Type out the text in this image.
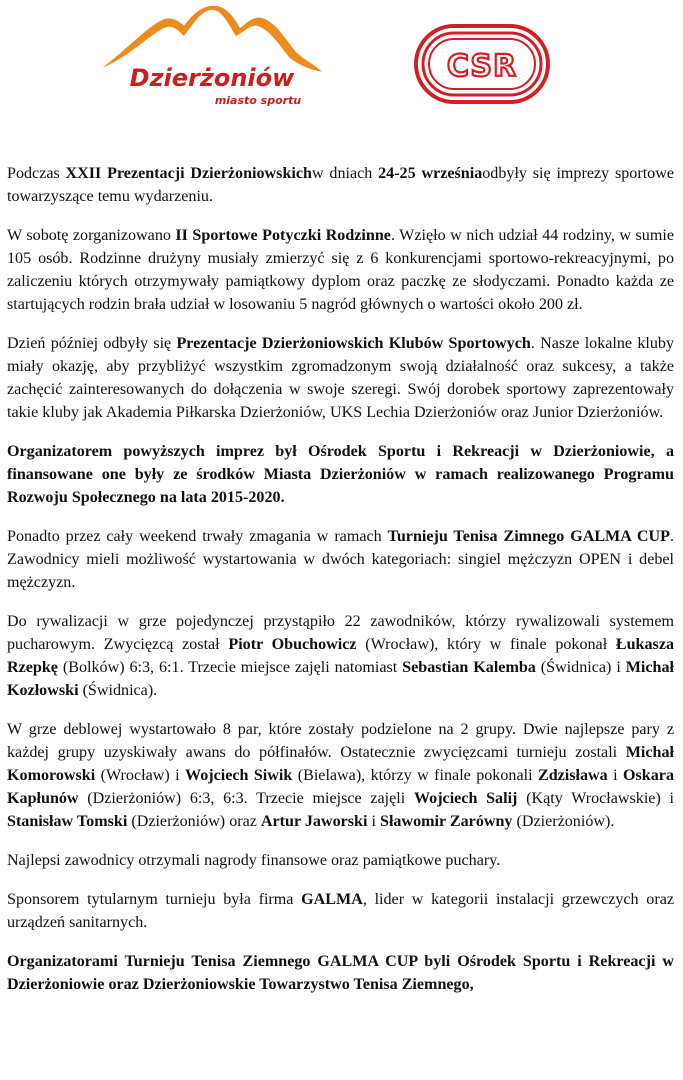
Dzierżoniów
miasto sportu
CSR

Podczas XXII Prezentacji Dzierżoniowskichw dniach 24-25 wrześniaodbyły się imprezy sportowe towarzyszące temu wydarzeniu.

W sobotę zorganizowano II Sportowe Potyczki Rodzinne. Wzięło w nich udział 44 rodziny, w sumie 105 osób. Rodzinne drużyny musiały zmierzyć się z 6 konkurencjami sportowo-rekreacyjnymi, po zaliczeniu których otrzymywały pamiątkowy dyplom oraz paczkę ze słodyczami. Ponadto każda ze startujących rodzin brała udział w losowaniu 5 nagród głównych o wartości około 200 zł.

Dzień później odbyły się Prezentacje Dzierżoniowskich Klubów Sportowych. Nasze lokalne kluby miały okazję, aby przybliżyć wszystkim zgromadzonym swoją działalność oraz sukcesy, a także zachęcić zainteresowanych do dołączenia w swoje szeregi. Swój dorobek sportowy zaprezentowały takie kluby jak Akademia Piłkarska Dzierżoniów, UKS Lechia Dzierżoniów oraz Junior Dzierżoniów.

Organizatorem powyższych imprez był Ośrodek Sportu i Rekreacji w Dzierżoniowie, a finansowane one były ze środków Miasta Dzierżoniów w ramach realizowanego Programu Rozwoju Społecznego na lata 2015-2020.

Ponadto przez cały weekend trwały zmagania w ramach Turnieju Tenisa Zimnego GALMA CUP. Zawodnicy mieli możliwość wystartowania w dwóch kategoriach: singiel mężczyzn OPEN i debel mężczyzn.

Do rywalizacji w grze pojedynczej przystąpiło 22 zawodników, którzy rywalizowali systemem pucharowym. Zwycięzcą został Piotr Obuchowicz (Wrocław), który w finale pokonał Łukasza Rzepkę (Bolków) 6:3, 6:1. Trzecie miejsce zajęli natomiast Sebastian Kalemba (Świdnica) i Michał Kozłowski (Świdnica).

W grze deblowej wystartowało 8 par, które zostały podzielone na 2 grupy. Dwie najlepsze pary z każdej grupy uzyskiwały awans do półfinałów. Ostatecznie zwycięzcami turnieju zostali Michał Komorowski (Wrocław) i Wojciech Siwik (Bielawa), którzy w finale pokonali Zdzisława i Oskara Kapłunów (Dzierżoniów) 6:3, 6:3. Trzecie miejsce zajęli Wojciech Salij (Kąty Wrocławskie) i Stanisław Tomski (Dzierżoniów) oraz Artur Jaworski i Sławomir Zarówny (Dzierżoniów).

Najlepsi zawodnicy otrzymali nagrody finansowe oraz pamiątkowe puchary.

Sponsorem tytularnym turnieju była firma GALMA, lider w kategorii instalacji grzewczych oraz urządzeń sanitarnych.

Organizatorami Turnieju Tenisa Ziemnego GALMA CUP byli Ośrodek Sportu i Rekreacji w Dzierżoniowie oraz Dzierżoniowskie Towarzystwo Tenisa Ziemnego,
